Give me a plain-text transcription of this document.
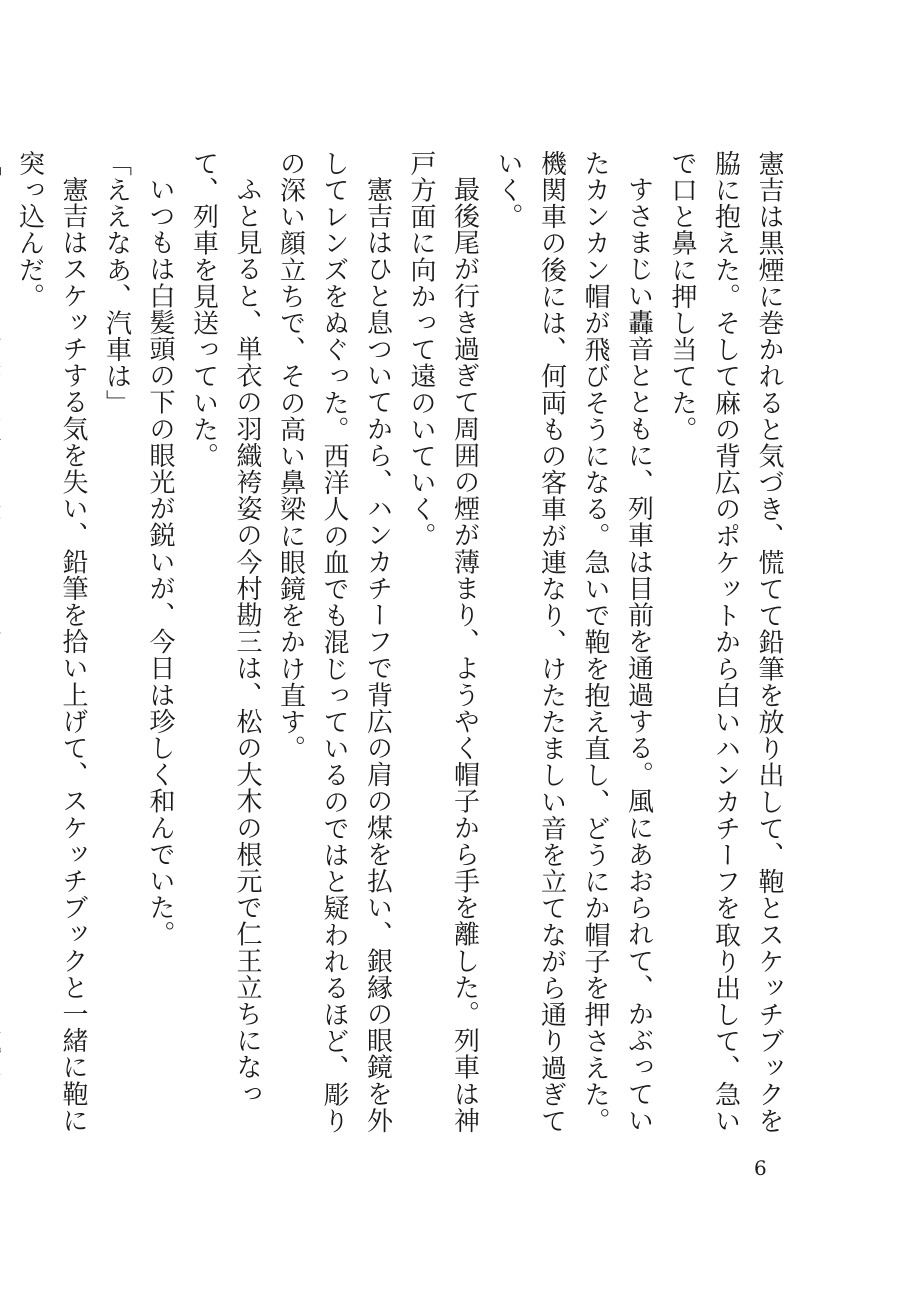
憲吉は黒煙に巻かれると気づき、慌てて鉛筆を放り出して、鞄とスケッチブックを脇に抱えた。そして麻の背広のポケットから白いハンカチーフを取り出して、急いで口と鼻に押し当てた。

すさまじい轟音とともに、列車は目前を通過する。風にあおられて、かぶっていたカンカン帽が飛びそうになる。急いで鞄を抱え直し、どうにか帽子を押さえた。機関車の後には、何両もの客車が連なり、けたたましい音を立てながら通り過ぎていく。

最後尾が行き過ぎて周囲の煙が薄まり、ようやく帽子から手を離した。列車は神戸方面に向かって遠のいていく。

憲吉はひと息ついてから、ハンカチーフで背広の肩の煤を払い、銀縁の眼鏡を外してレンズをぬぐった。西洋人の血でも混じっているのではと疑われるほど、彫りの深い顔立ちで、その高い鼻梁に眼鏡をかけ直す。

ふと見ると、単衣の羽織袴姿の今村勘三は、松の大木の根元で仁王立ちになって、列車を見送っていた。

いつもは白髪頭の下の眼光が鋭いが、今日は珍しく和んでいた。

「ええなあ、汽車は」

憲吉はスケッチする気を失い、鉛筆を拾い上げて、スケッチブックと一緒に鞄に突っ込んだ。

6
